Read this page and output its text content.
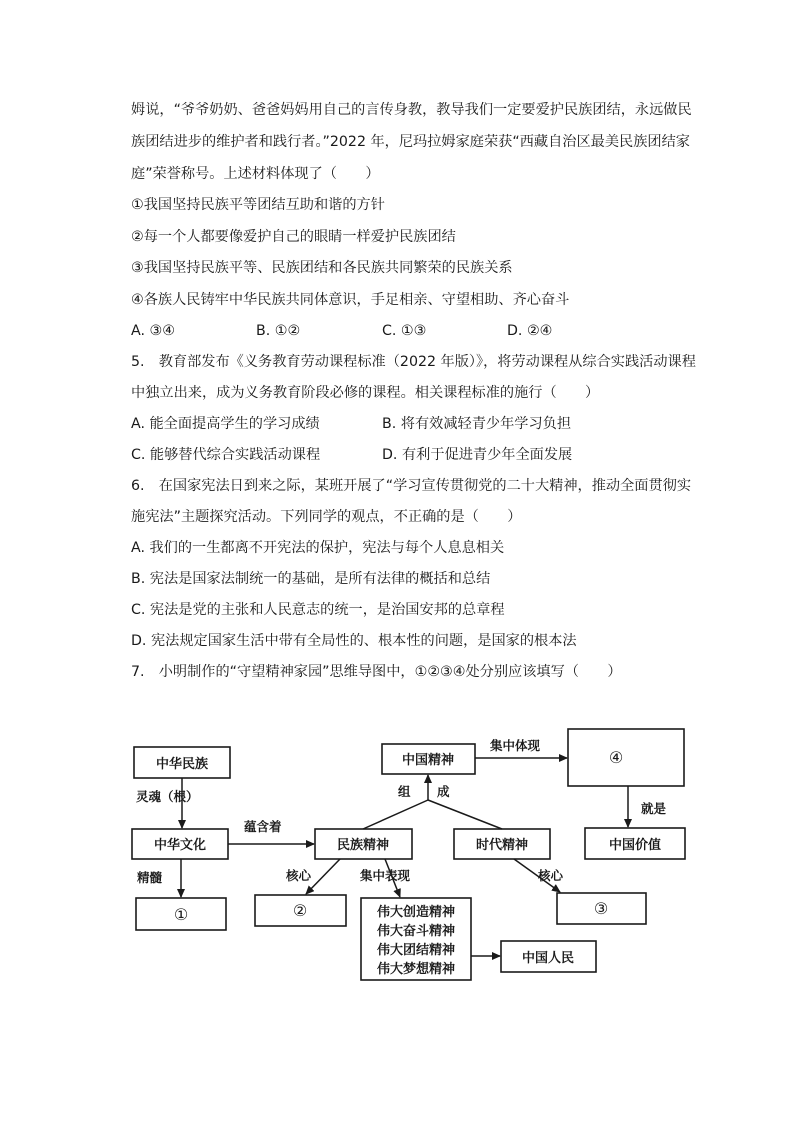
姆说，“爷爷奶奶、爸爸妈妈用自己的言传身教，教导我们一定要爱护民族团结，永远做民
族团结进步的维护者和践行者。”2022 年，尼玛拉姆家庭荣获“西藏自治区最美民族团结家
庭”荣誉称号。上述材料体现了（　　）
①我国坚持民族平等团结互助和谐的方针
②每一个人都要像爱护自己的眼睛一样爱护民族团结
③我国坚持民族平等、民族团结和各民族共同繁荣的民族关系
④各族人民铸牢中华民族共同体意识，手足相亲、守望相助、齐心奋斗
A. ③④	B. ①②	C. ①③	D. ②④
5.　教育部发布《义务教育劳动课程标准（2022 年版）》，将劳动课程从综合实践活动课程
中独立出来，成为义务教育阶段必修的课程。相关课程标准的施行（　　）
A. 能全面提高学生的学习成绩	B. 将有效减轻青少年学习负担
C. 能够替代综合实践活动课程	D. 有利于促进青少年全面发展
6.　在国家宪法日到来之际，某班开展了“学习宣传贯彻党的二十大精神，推动全面贯彻实
施宪法”主题探究活动。下列同学的观点，不正确的是（　　）
A. 我们的一生都离不开宪法的保护，宪法与每个人息息相关
B. 宪法是国家法制统一的基础，是所有法律的概括和总结
C. 宪法是党的主张和人民意志的统一，是治国安邦的总章程
D. 宪法规定国家生活中带有全局性的、根本性的问题，是国家的根本法
7.　小明制作的“守望精神家园”思维导图中，①②③④处分别应该填写（　　）
中华民族
中华文化
①
民族精神
②	伟大创造精神
伟大奋斗精神
伟大团结精神
伟大梦想精神
中国人民
中国精神	④
中国价值
时代精神
③
灵魂（根）
精髓
蕴含着
组 成
集中体现
就是
核心	集中表现	核心
